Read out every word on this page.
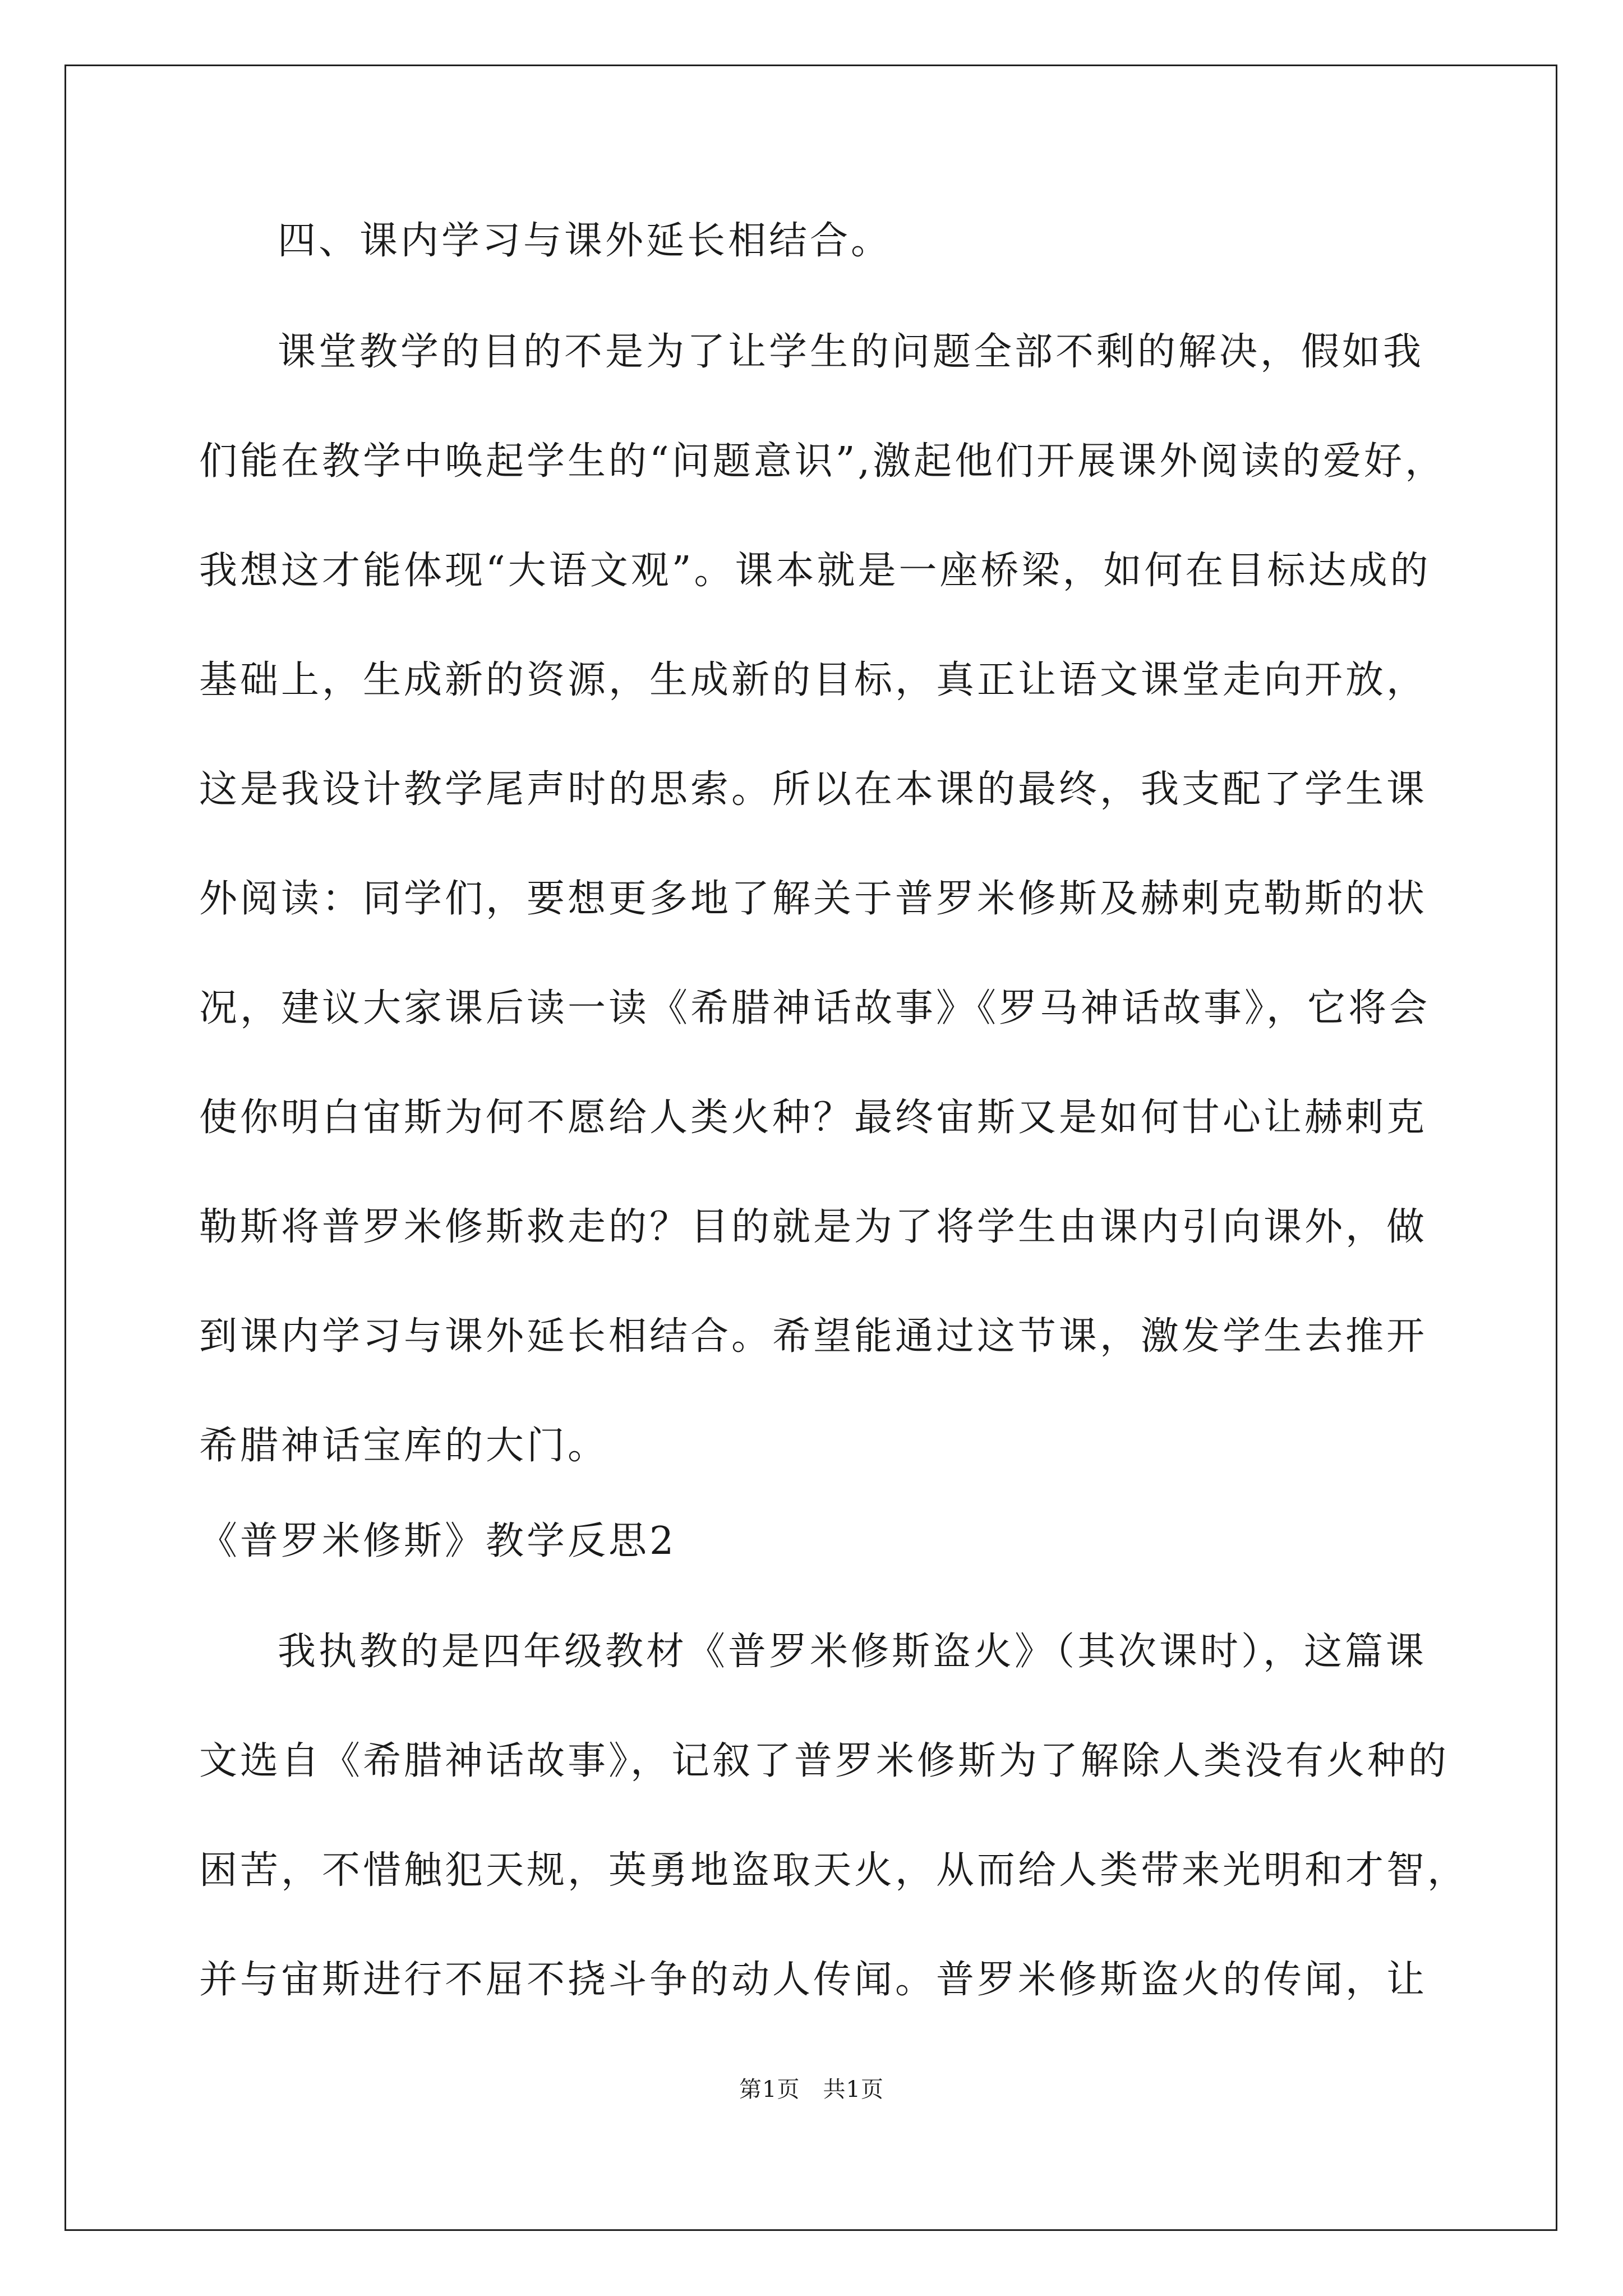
四、课内学习与课外延长相结合。
课堂教学的目的不是为了让学生的问题全部不剩的解决，假如我
们能在教学中唤起学生的“问题意识”,激起他们开展课外阅读的爱好，
我想这才能体现“大语文观”。课本就是一座桥梁，如何在目标达成的
基础上，生成新的资源，生成新的目标，真正让语文课堂走向开放，
这是我设计教学尾声时的思索。所以在本课的最终，我支配了学生课
外阅读：同学们，要想更多地了解关于普罗米修斯及赫剌克勒斯的状
况，建议大家课后读一读《希腊神话故事》《罗马神话故事》，它将会
使你明白宙斯为何不愿给人类火种？最终宙斯又是如何甘心让赫剌克
勒斯将普罗米修斯救走的？目的就是为了将学生由课内引向课外，做
到课内学习与课外延长相结合。希望能通过这节课，激发学生去推开
希腊神话宝库的大门。
《普罗米修斯》教学反思2
我执教的是四年级教材《普罗米修斯盗火》（其次课时），这篇课
文选自《希腊神话故事》，记叙了普罗米修斯为了解除人类没有火种的
困苦，不惜触犯天规，英勇地盗取天火，从而给人类带来光明和才智，
并与宙斯进行不屈不挠斗争的动人传闻。普罗米修斯盗火的传闻，让
第1页　共1页
